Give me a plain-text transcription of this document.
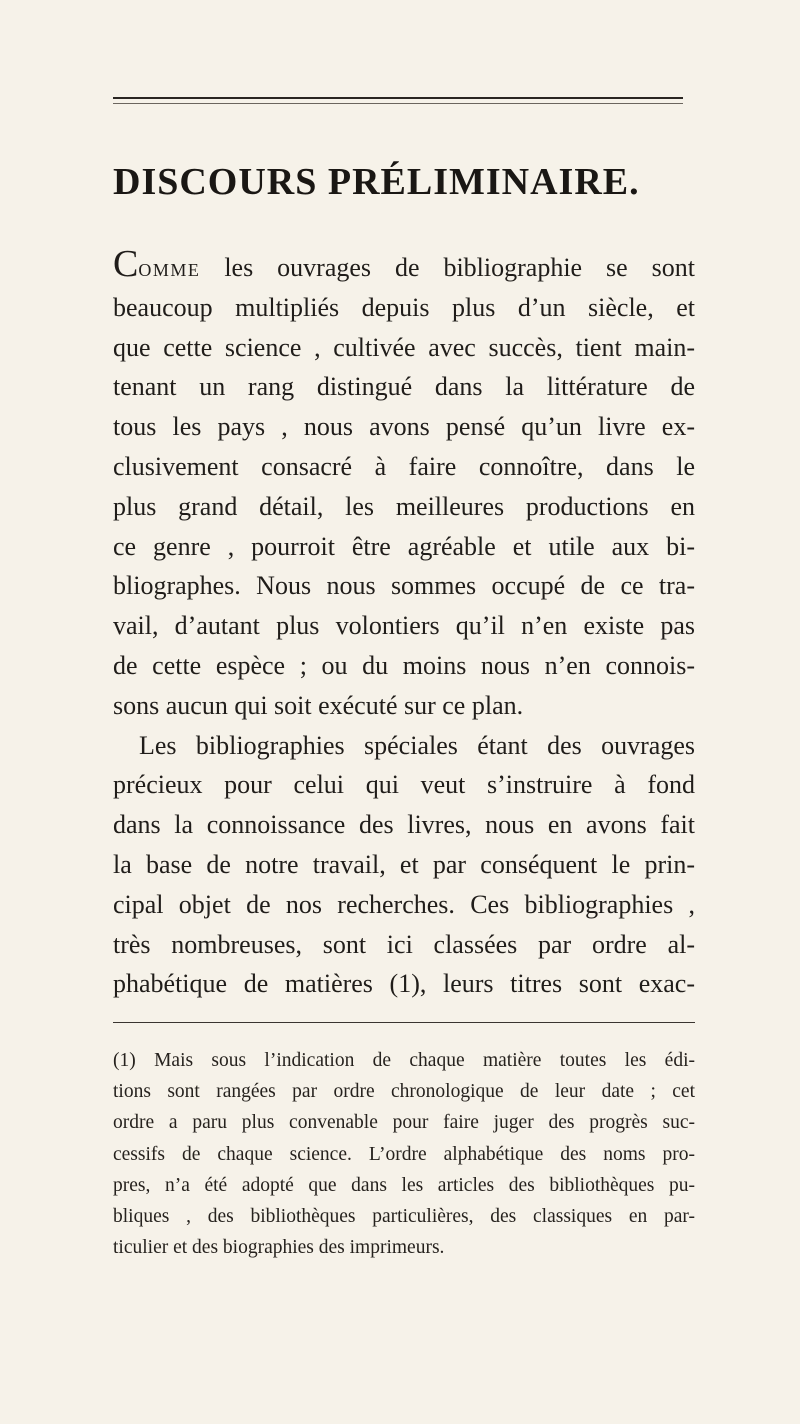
DISCOURS PRÉLIMINAIRE.
Comme les ouvrages de bibliographie se sont
beaucoup multipliés depuis plus d’un siècle, et
que cette science , cultivée avec succès, tient main-
tenant un rang distingué dans la littérature de
tous les pays , nous avons pensé qu’un livre ex-
clusivement consacré à faire connoître, dans le
plus grand détail, les meilleures productions en
ce genre , pourroit être agréable et utile aux bi-
bliographes. Nous nous sommes occupé de ce tra-
vail, d’autant plus volontiers qu’il n’en existe pas
de cette espèce ; ou du moins nous n’en connois-
sons aucun qui soit exécuté sur ce plan.
Les bibliographies spéciales étant des ouvrages
précieux pour celui qui veut s’instruire à fond
dans la connoissance des livres, nous en avons fait
la base de notre travail, et par conséquent le prin-
cipal objet de nos recherches. Ces bibliographies ,
très nombreuses, sont ici classées par ordre al-
phabétique de matières (1), leurs titres sont exac-
(1) Mais sous l’indication de chaque matière toutes les édi-
tions sont rangées par ordre chronologique de leur date ; cet
ordre a paru plus convenable pour faire juger des progrès suc-
cessifs de chaque science. L’ordre alphabétique des noms pro-
pres, n’a été adopté que dans les articles des bibliothèques pu-
bliques , des bibliothèques particulières, des classiques en par-
ticulier et des biographies des imprimeurs.
